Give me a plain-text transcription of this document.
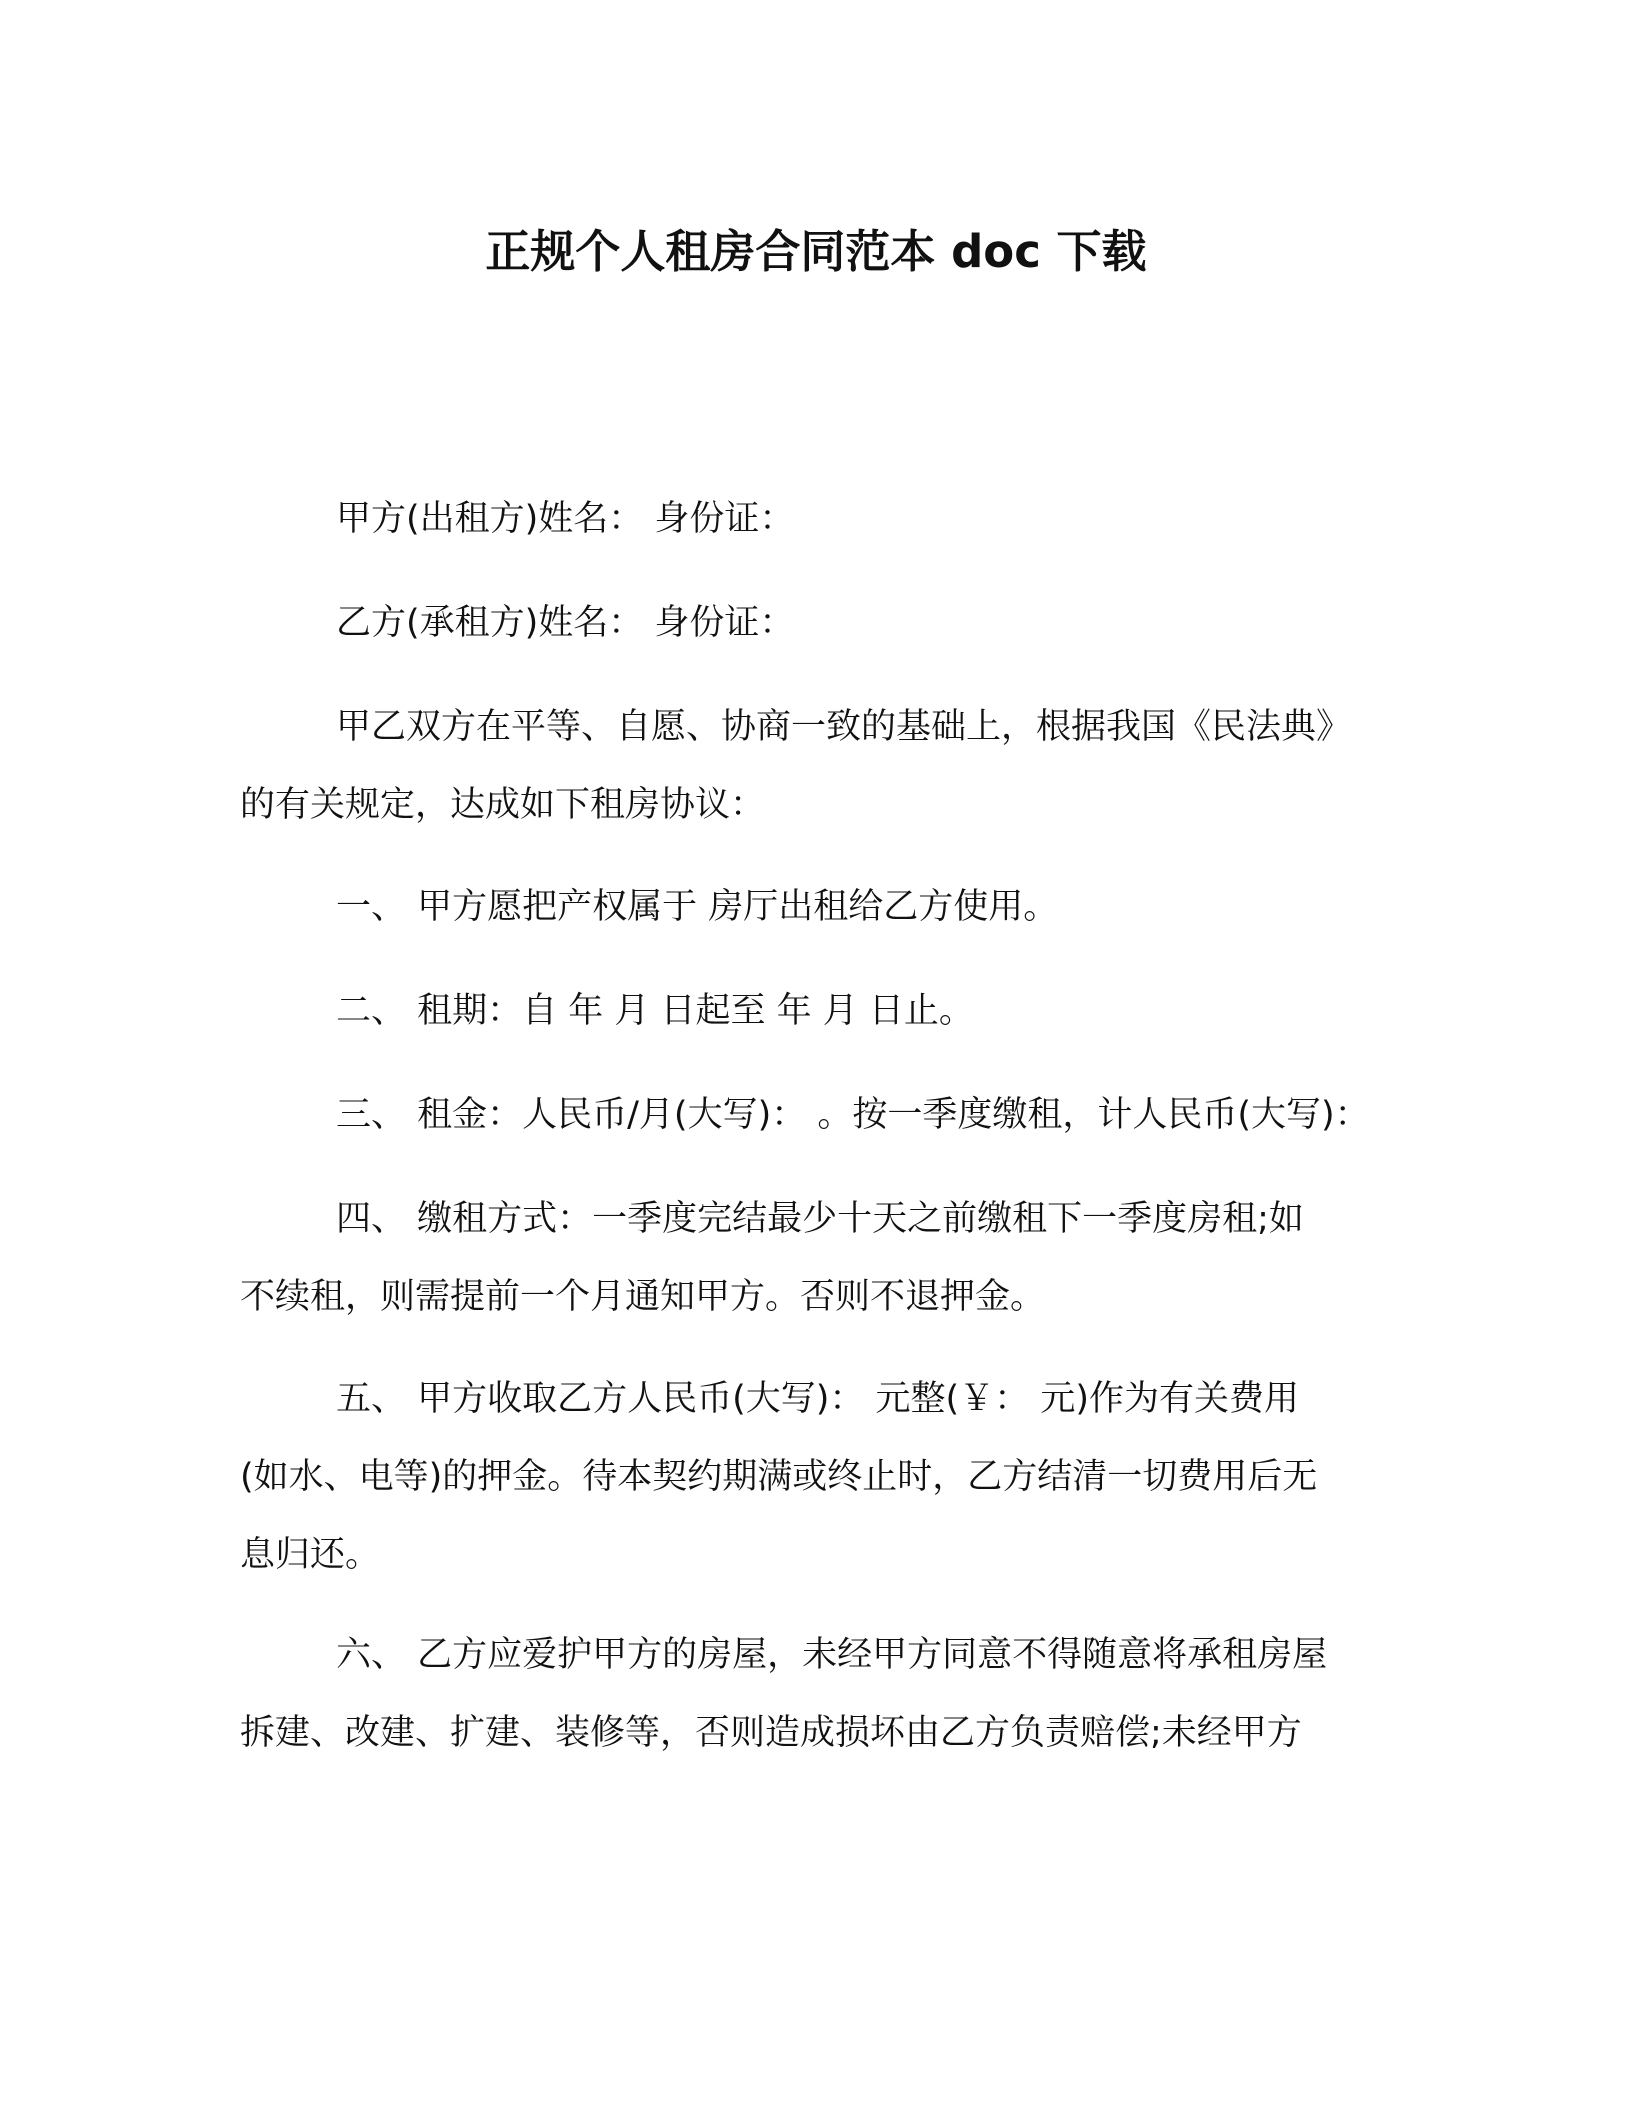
正规个人租房合同范本 doc 下载
甲方(出租方)姓名： 身份证：
乙方(承租方)姓名： 身份证：
甲乙双方在平等、自愿、协商一致的基础上，根据我国《民法典》
的有关规定，达成如下租房协议：
一、 甲方愿把产权属于 房厅出租给乙方使用。
二、 租期：自 年 月 日起至 年 月 日止。
三、 租金：人民币/月(大写)： 。按一季度缴租，计人民币(大写)：
四、 缴租方式：一季度完结最少十天之前缴租下一季度房租;如
不续租，则需提前一个月通知甲方。否则不退押金。
五、 甲方收取乙方人民币(大写)： 元整(￥： 元)作为有关费用
(如水、电等)的押金。待本契约期满或终止时，乙方结清一切费用后无
息归还。
六、 乙方应爱护甲方的房屋，未经甲方同意不得随意将承租房屋
拆建、改建、扩建、装修等，否则造成损坏由乙方负责赔偿;未经甲方
